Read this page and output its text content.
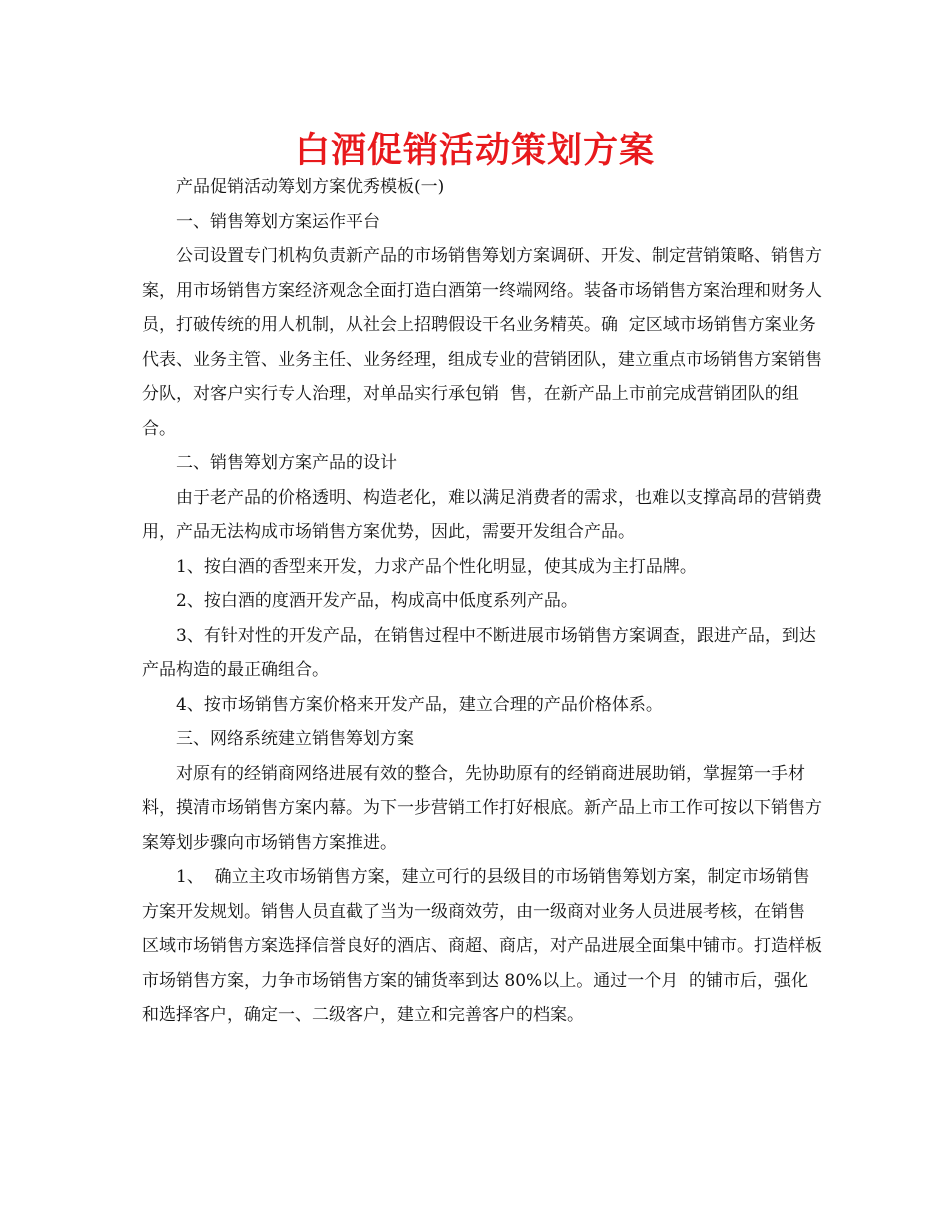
白酒促销活动策划方案

产品促销活动筹划方案优秀模板(一)

一、销售筹划方案运作平台

公司设置专门机构负责新产品的市场销售筹划方案调研、开发、制定营销策略、销售方案，用市场销售方案经济观念全面打造白酒第一终端网络。装备市场销售方案治理和财务人员，打破传统的用人机制，从社会上招聘假设干名业务精英。确  定区域市场销售方案业务代表、业务主管、业务主任、业务经理，组成专业的营销团队，建立重点市场销售方案销售分队，对客户实行专人治理，对单品实行承包销  售，在新产品上市前完成营销团队的组合。

二、销售筹划方案产品的设计

由于老产品的价格透明、构造老化，难以满足消费者的需求，也难以支撑高昂的营销费用，产品无法构成市场销售方案优势，因此，需要开发组合产品。

1、按白酒的香型来开发，力求产品个性化明显，使其成为主打品牌。

2、按白酒的度酒开发产品，构成高中低度系列产品。

3、有针对性的开发产品，在销售过程中不断进展市场销售方案调查，跟进产品，到达产品构造的最正确组合。

4、按市场销售方案价格来开发产品，建立合理的产品价格体系。

三、网络系统建立销售筹划方案

对原有的经销商网络进展有效的整合，先协助原有的经销商进展助销，掌握第一手材料，摸清市场销售方案内幕。为下一步营销工作打好根底。新产品上市工作可按以下销售方案筹划步骤向市场销售方案推进。

1、  确立主攻市场销售方案，建立可行的县级目的市场销售筹划方案，制定市场销售方案开发规划。销售人员直截了当为一级商效劳，由一级商对业务人员进展考核，在销售  区域市场销售方案选择信誉良好的酒店、商超、商店，对产品进展全面集中铺市。打造样板市场销售方案，力争市场销售方案的铺货率到达 80%以上。通过一个月  的铺市后，强化和选择客户，确定一、二级客户，建立和完善客户的档案。
